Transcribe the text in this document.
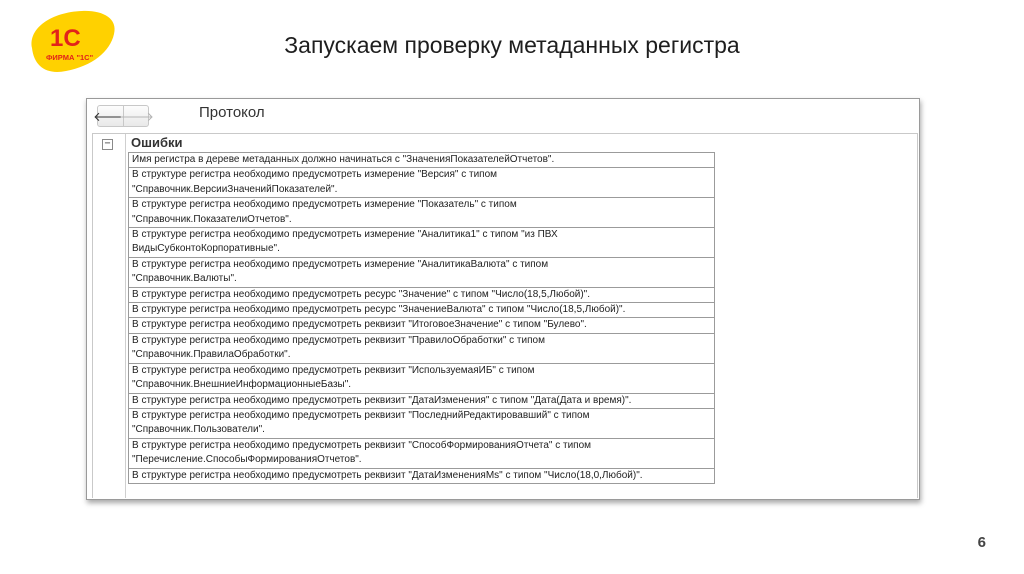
1С
ФИРМА "1С"	Запускаем проверку метаданных регистра
🡐
🡒	Протокол
− Ошибки
Имя регистра в дереве метаданных должно начинаться с "ЗначенияПоказателейОтчетов".
В структуре регистра необходимо предусмотреть измерение "Версия" с типом
"Справочник.ВерсииЗначенийПоказателей".
В структуре регистра необходимо предусмотреть измерение "Показатель" с типом
"Справочник.ПоказателиОтчетов".
В структуре регистра необходимо предусмотреть измерение "Аналитика1" с типом "из ПВХ
ВидыСубконтоКорпоративные".
В структуре регистра необходимо предусмотреть измерение "АналитикаВалюта" с типом
"Справочник.Валюты".
В структуре регистра необходимо предусмотреть ресурс "Значение" с типом "Число(18,5,Любой)".
В структуре регистра необходимо предусмотреть ресурс "ЗначениеВалюта" с типом "Число(18,5,Любой)".
В структуре регистра необходимо предусмотреть реквизит "ИтоговоеЗначение" с типом "Булево".
В структуре регистра необходимо предусмотреть реквизит "ПравилоОбработки" с типом
"Справочник.ПравилаОбработки".
В структуре регистра необходимо предусмотреть реквизит "ИспользуемаяИБ" с типом
"Справочник.ВнешниеИнформационныеБазы".
В структуре регистра необходимо предусмотреть реквизит "ДатаИзменения" с типом "Дата(Дата и время)".
В структуре регистра необходимо предусмотреть реквизит "ПоследнийРедактировавший" с типом
"Справочник.Пользователи".
В структуре регистра необходимо предусмотреть реквизит "СпособФормированияОтчета" с типом
"Перечисление.СпособыФормированияОтчетов".
В структуре регистра необходимо предусмотреть реквизит "ДатаИзмененияMs" с типом "Число(18,0,Любой)".
6
